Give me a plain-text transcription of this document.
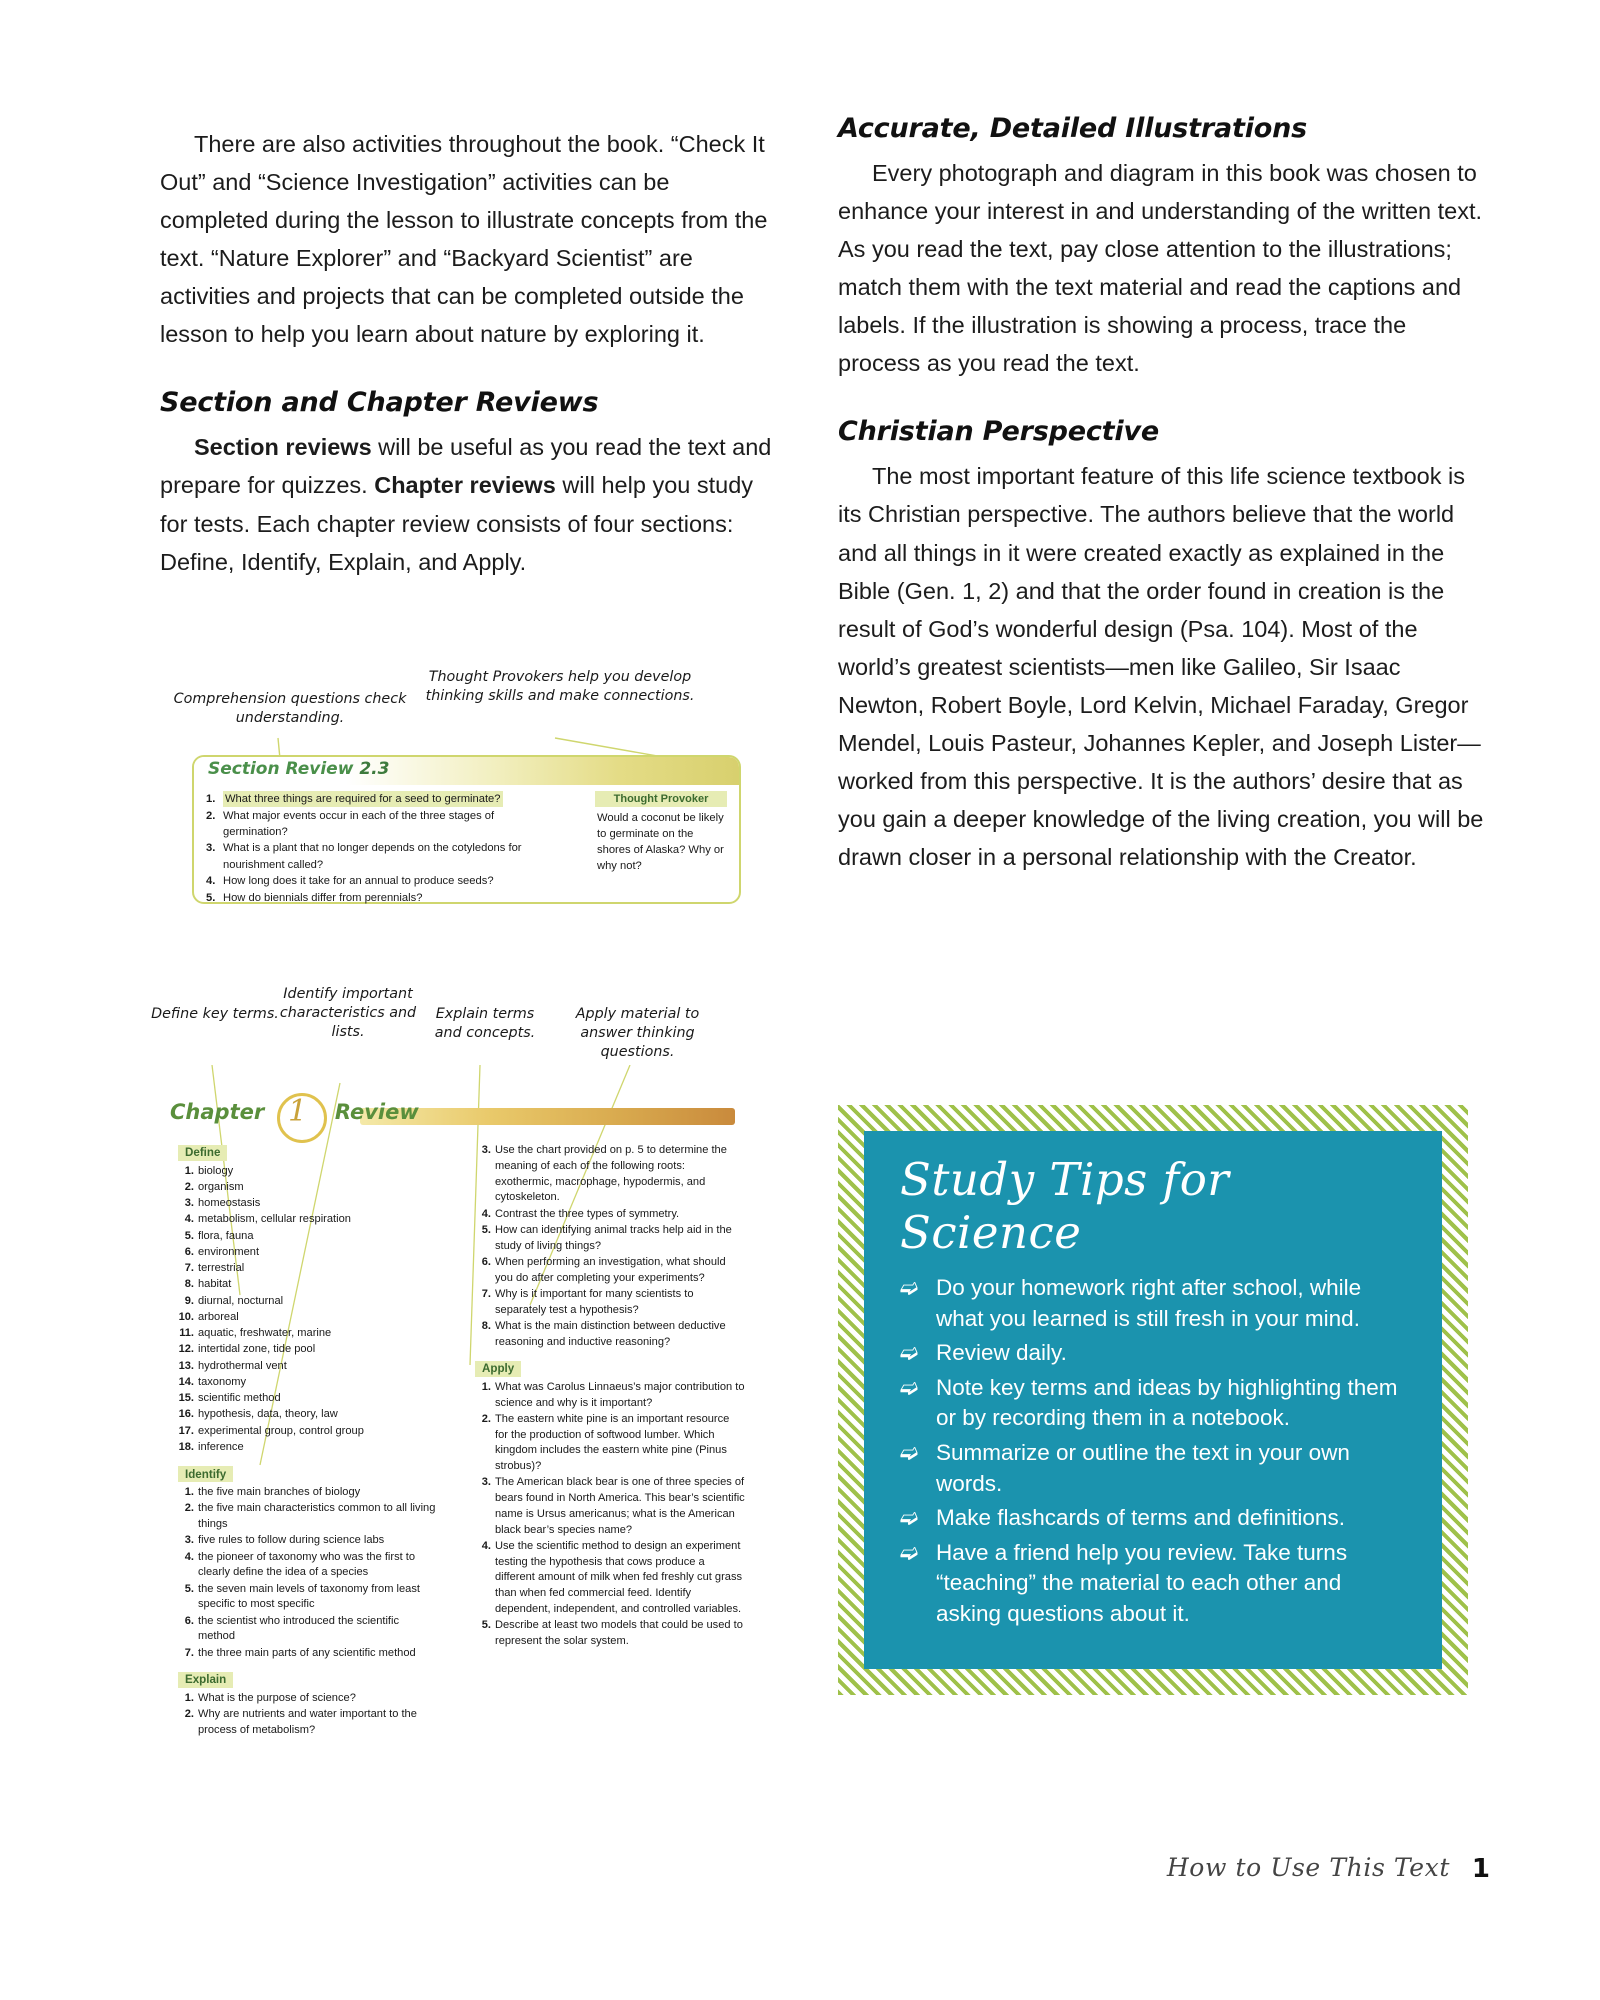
There are also activities throughout the book. “Check It Out” and “Science Investigation” activities can be completed during the lesson to illustrate concepts from the text. “Nature Explorer” and “Backyard Scientist” are activities and projects that can be completed outside the lesson to help you learn about nature by exploring it.

Section and Chapter Reviews

Section reviews will be useful as you read the text and prepare for quizzes. Chapter reviews will help you study for tests. Each chapter review consists of four sections: Define, Identify, Explain, and Apply.

Comprehension questions check understanding.
Thought Provokers help you develop thinking skills and make connections.
Section Review 2.3
1. What three things are required for a seed to germinate?
2. What major events occur in each of the three stages of germination?
3. What is a plant that no longer depends on the cotyledons for nourishment called?
4. How long does it take for an annual to produce seeds?
5. How do biennials differ from perennials?
Thought Provoker
Would a coconut be likely to germinate on the shores of Alaska? Why or why not?
Define key terms.
Identify important characteristics and lists.
Explain terms and concepts.
Apply material to answer thinking questions.
Chapter	Review
1
Define
1. biology
2. organism
3. homeostasis
4. metabolism, cellular respiration
5. flora, fauna
6. environment
7. terrestrial
8. habitat
9. diurnal, nocturnal
10. arboreal
11. aquatic, freshwater, marine
12. intertidal zone, tide pool
13. hydrothermal vent
14. taxonomy
15. scientific method
16. hypothesis, data, theory, law
17. experimental group, control group
18. inference
Identify
1. the five main branches of biology
2. the five main characteristics common to all living things
3. five rules to follow during science labs
4. the pioneer of taxonomy who was the first to clearly define the idea of a species
5. the seven main levels of taxonomy from least specific to most specific
6. the scientist who introduced the scientific method
7. the three main parts of any scientific method
Explain
1. What is the purpose of science?
2. Why are nutrients and water important to the process of metabolism?
3. Use the chart provided on p. 5 to determine the meaning of each of the following roots: exothermic, macrophage, hypodermis, and cytoskeleton.
4. Contrast the three types of symmetry.
5. How can identifying animal tracks help aid in the study of living things?
6. When performing an investigation, what should you do after completing your experiments?
7. Why is it important for many scientists to separately test a hypothesis?
8. What is the main distinction between deductive reasoning and inductive reasoning?
Apply
1. What was Carolus Linnaeus’s major contribution to science and why is it important?
2. The eastern white pine is an important resource for the production of softwood lumber. Which kingdom includes the eastern white pine (Pinus strobus)?
3. The American black bear is one of three species of bears found in North America. This bear’s scientific name is Ursus americanus; what is the American black bear’s species name?
4. Use the scientific method to design an experiment testing the hypothesis that cows produce a different amount of milk when fed freshly cut grass than when fed commercial feed. Identify dependent, independent, and controlled variables.
5. Describe at least two models that could be used to represent the solar system.
Accurate, Detailed Illustrations

Every photograph and diagram in this book was chosen to enhance your interest in and understanding of the written text. As you read the text, pay close attention to the illustrations; match them with the text material and read the captions and labels. If the illustration is showing a process, trace the process as you read the text.

Christian Perspective

The most important feature of this life science textbook is its Christian perspective. The authors believe that the world and all things in it were created exactly as explained in the Bible (Gen. 1, 2) and that the order found in creation is the result of God’s wonderful design (Psa. 104). Most of the world’s greatest scientists—men like Galileo, Sir Isaac Newton, Robert Boyle, Lord Kelvin, Michael Faraday, Gregor Mendel, Louis Pasteur, Johannes Kepler, and Joseph Lister—worked from this perspective. It is the authors’ desire that as you gain a deeper knowledge of the living creation, you will be drawn closer in a personal relationship with the Creator.

Study Tips for Science
➫ Do your homework right after school, while what you learned is still fresh in your mind.
➫ Review daily.
➫ Note key terms and ideas by highlighting them or by recording them in a notebook.
➫ Summarize or outline the text in your own words.
➫ Make flashcards of terms and definitions.
➫ Have a friend help you review. Take turns “teaching” the material to each other and asking questions about it.
How to Use This Text 1
